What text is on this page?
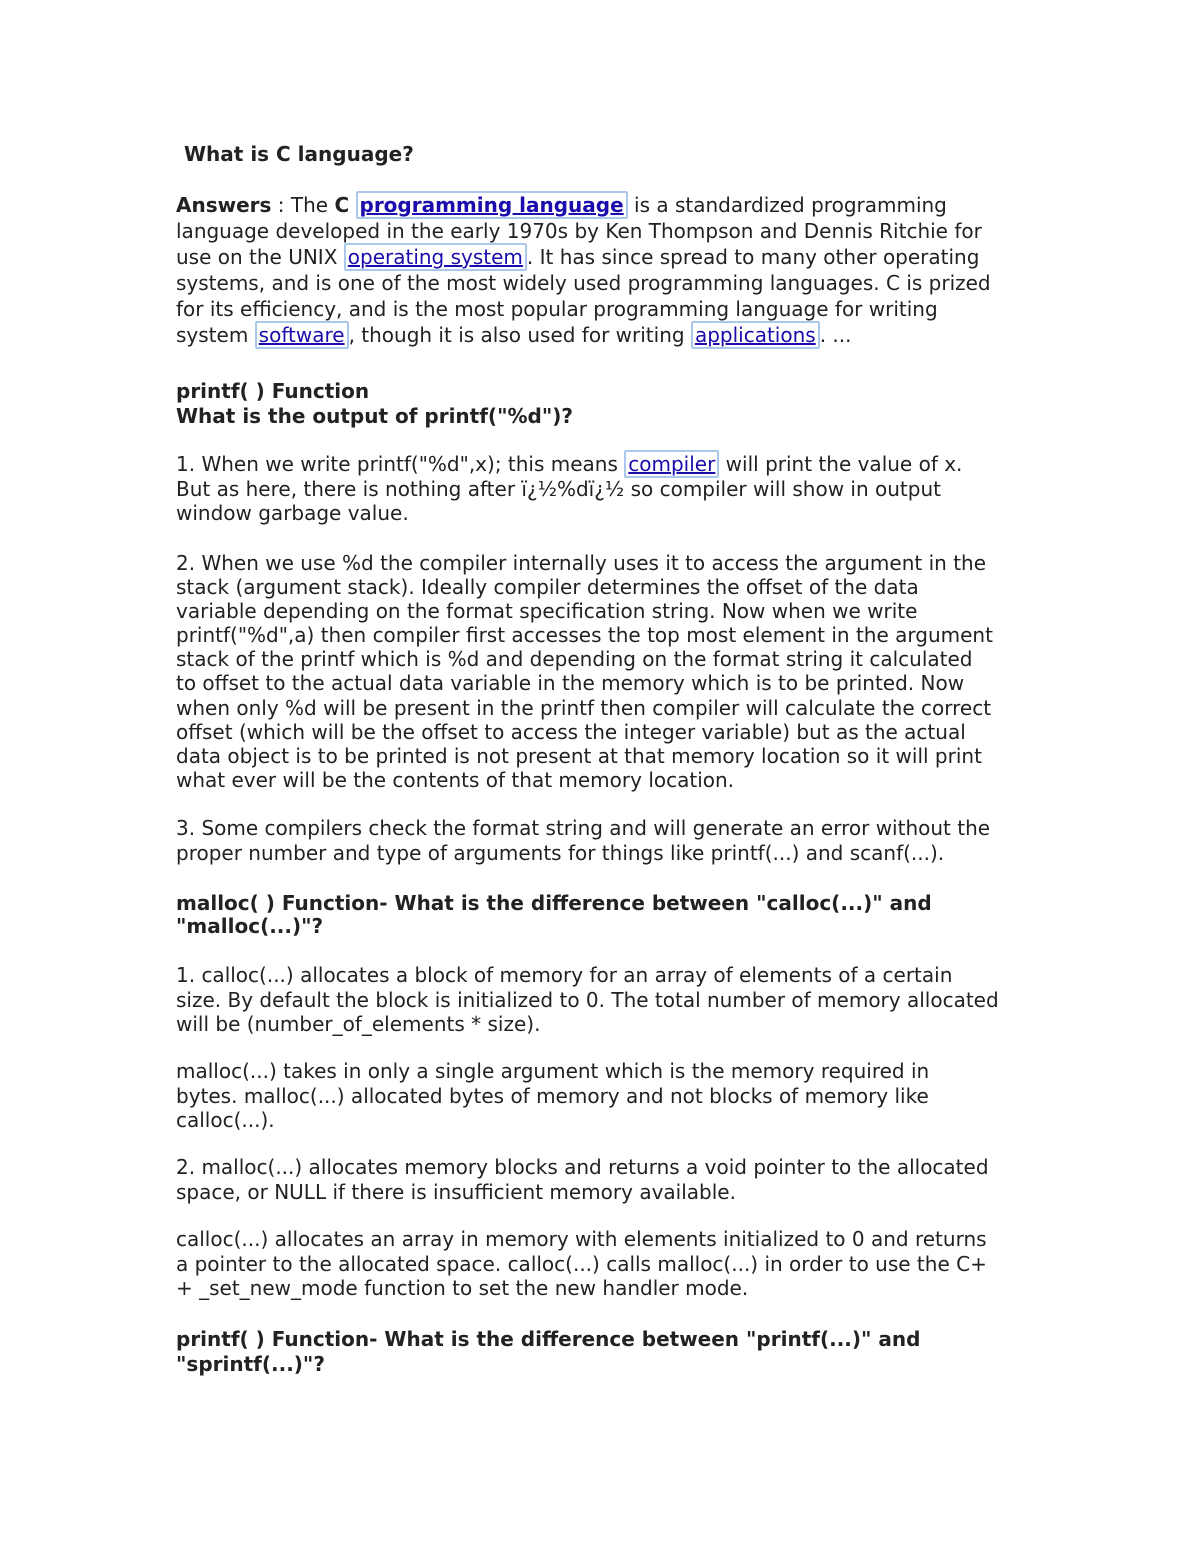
What is C language?
Answers : The C programming language is a standardized programming
language developed in the early 1970s by Ken Thompson and Dennis Ritchie for
use on the UNIX operating system . It has since spread to many other operating
systems, and is one of the most widely used programming languages. C is prized
for its efficiency, and is the most popular programming language for writing
system software , though it is also used for writing applications . ...
printf( ) Function
What is the output of printf("%d")?
1. When we write printf("%d",x); this means compiler will print the value of x.
But as here, there is nothing after ï¿½%dï¿½ so compiler will show in output
window garbage value.
2. When we use %d the compiler internally uses it to access the argument in the
stack (argument stack). Ideally compiler determines the offset of the data
variable depending on the format specification string. Now when we write
printf("%d",a) then compiler first accesses the top most element in the argument
stack of the printf which is %d and depending on the format string it calculated
to offset to the actual data variable in the memory which is to be printed. Now
when only %d will be present in the printf then compiler will calculate the correct
offset (which will be the offset to access the integer variable) but as the actual
data object is to be printed is not present at that memory location so it will print
what ever will be the contents of that memory location.
3. Some compilers check the format string and will generate an error without the
proper number and type of arguments for things like printf(...) and scanf(...).
malloc( ) Function- What is the difference between "calloc(...)" and
"malloc(...)"?
1. calloc(...) allocates a block of memory for an array of elements of a certain
size. By default the block is initialized to 0. The total number of memory allocated
will be (number_of_elements * size).
malloc(...) takes in only a single argument which is the memory required in
bytes. malloc(...) allocated bytes of memory and not blocks of memory like
calloc(...).
2. malloc(...) allocates memory blocks and returns a void pointer to the allocated
space, or NULL if there is insufficient memory available.
calloc(...) allocates an array in memory with elements initialized to 0 and returns
a pointer to the allocated space. calloc(...) calls malloc(...) in order to use the C+
+ _set_new_mode function to set the new handler mode.
printf( ) Function- What is the difference between "printf(...)" and
"sprintf(...)"?
